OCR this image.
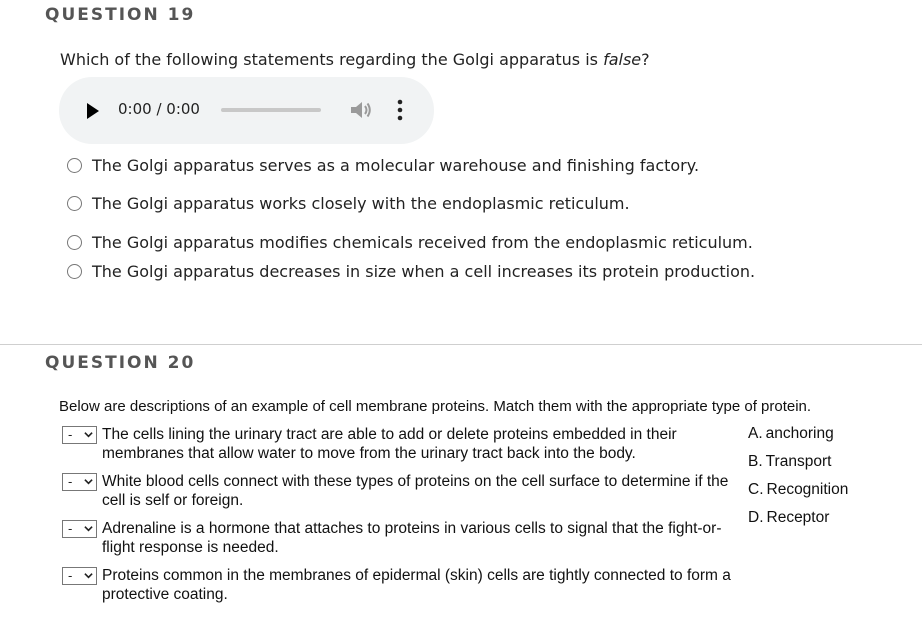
QUESTION 19
Which of the following statements regarding the Golgi apparatus is false?
0:00 / 0:00
The Golgi apparatus serves as a molecular warehouse and finishing factory.
The Golgi apparatus works closely with the endoplasmic reticulum.
The Golgi apparatus modifies chemicals received from the endoplasmic reticulum.
The Golgi apparatus decreases in size when a cell increases its protein production.
QUESTION 20
Below are descriptions of an example of cell membrane proteins. Match them with the appropriate type of protein.
- The cells lining the urinary tract are able to add or delete proteins embedded in their membranes that allow water to move from the urinary tract back into the body.
- White blood cells connect with these types of proteins on the cell surface to determine if the cell is self or foreign.
- Adrenaline is a hormone that attaches to proteins in various cells to signal that the fight-or-flight response is needed.
- Proteins common in the membranes of epidermal (skin) cells are tightly connected to form a protective coating.
A. anchoring
B. Transport
C. Recognition
D. Receptor
